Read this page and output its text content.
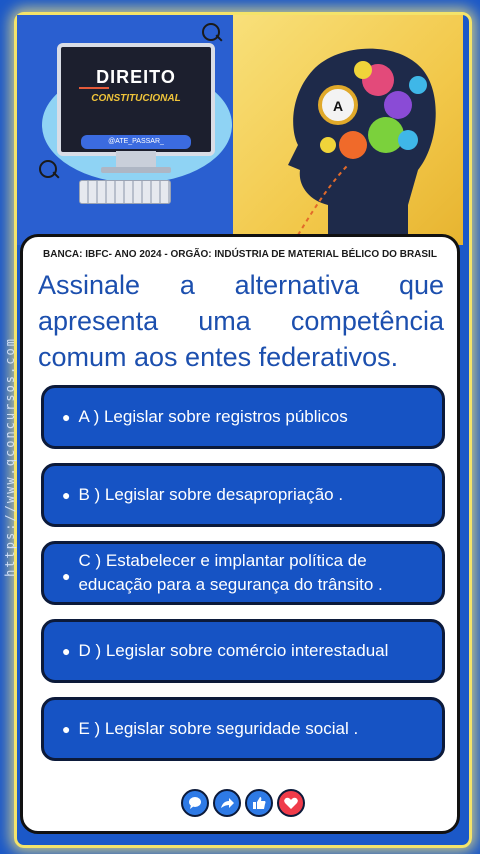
https://www.qconcursos.com
DIREITO
CONSTITUCIONAL
@ATE_PASSAR_
A
BANCA: IBFC- ANO 2024 - ORGÃO: INDÚSTRIA DE MATERIAL BÉLICO DO BRASIL
Assinale a alternativa que apresenta uma competência comum aos entes federativos.
● A ) Legislar sobre registros públicos
● B ) Legislar sobre desapropriação .
●
C ) Estabelecer e implantar política de educação para a segurança do trânsito .
● D ) Legislar sobre comércio interestadual
● E ) Legislar sobre seguridade social .
